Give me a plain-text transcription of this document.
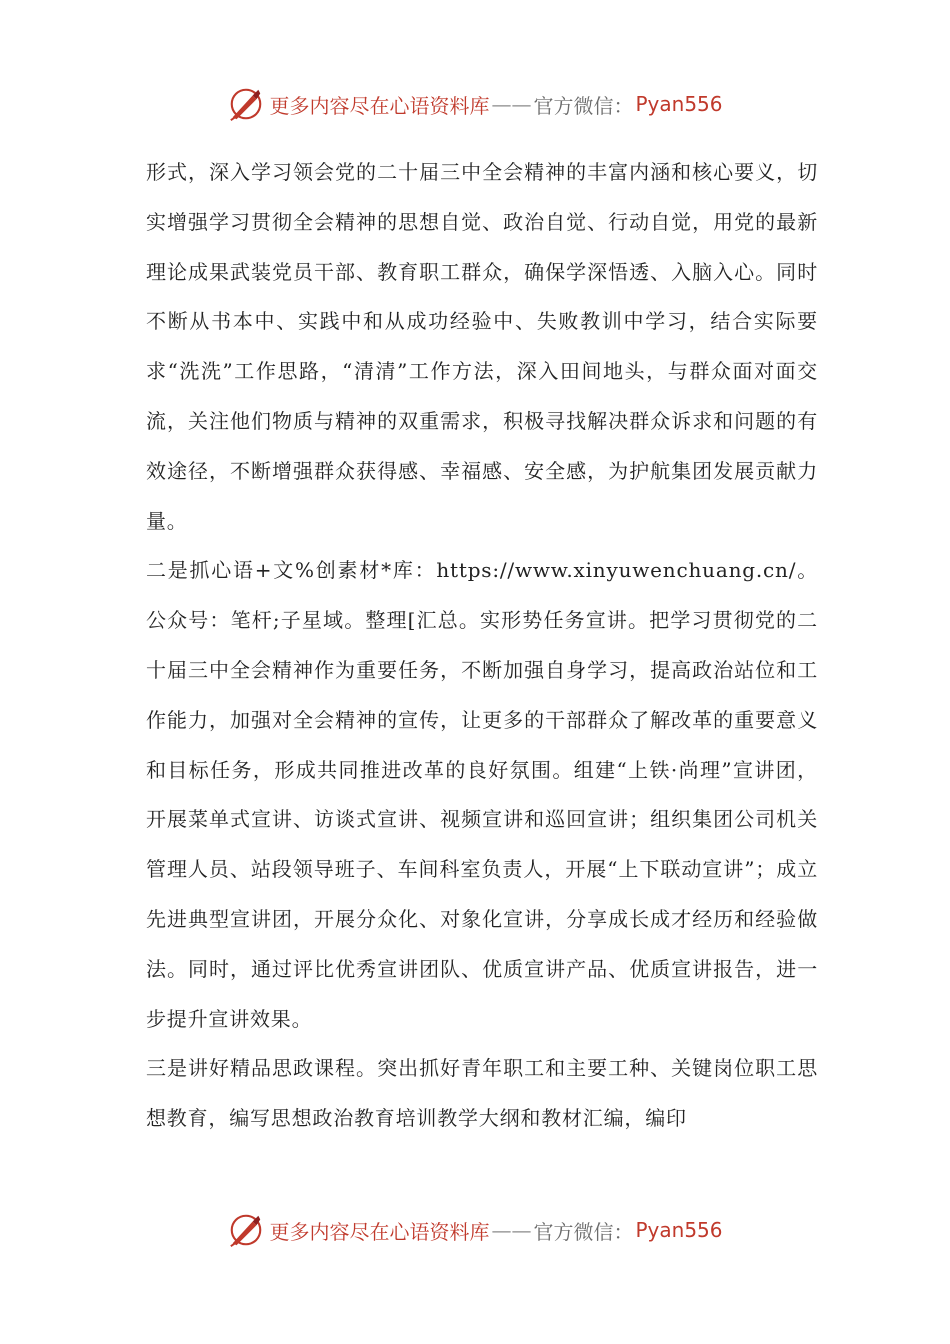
更多内容尽在心语资料库 —— 官方微信： Pyan556

形式，深入学习领会党的二十届三中全会精神的丰富内涵和核心要义，切实增强学习贯彻全会精神的思想自觉、政治自觉、行动自觉，用党的最新理论成果武装党员干部、教育职工群众，确保学深悟透、入脑入心。同时不断从书本中、实践中和从成功经验中、失败教训中学习，结合实际要求“洗洗”工作思路，“清清”工作方法，深入田间地头，与群众面对面交流，关注他们物质与精神的双重需求，积极寻找解决群众诉求和问题的有效途径，不断增强群众获得感、幸福感、安全感，为护航集团发展贡献力量。

二是抓心语+文%创素材*库：https://www.xinyuwenchuang.cn/。公众号：笔杆;子星域。整理[汇总。实形势任务宣讲。把学习贯彻党的二十届三中全会精神作为重要任务，不断加强自身学习，提高政治站位和工作能力，加强对全会精神的宣传，让更多的干部群众了解改革的重要意义和目标任务，形成共同推进改革的良好氛围。组建“上铁·尚理”宣讲团，开展菜单式宣讲、访谈式宣讲、视频宣讲和巡回宣讲；组织集团公司机关管理人员、站段领导班子、车间科室负责人，开展“上下联动宣讲”；成立先进典型宣讲团，开展分众化、对象化宣讲，分享成长成才经历和经验做法。同时，通过评比优秀宣讲团队、优质宣讲产品、优质宣讲报告，进一步提升宣讲效果。

三是讲好精品思政课程。突出抓好青年职工和主要工种、关键岗位职工思想教育，编写思想政治教育培训教学大纲和教材汇编，编印

更多内容尽在心语资料库 —— 官方微信： Pyan556
